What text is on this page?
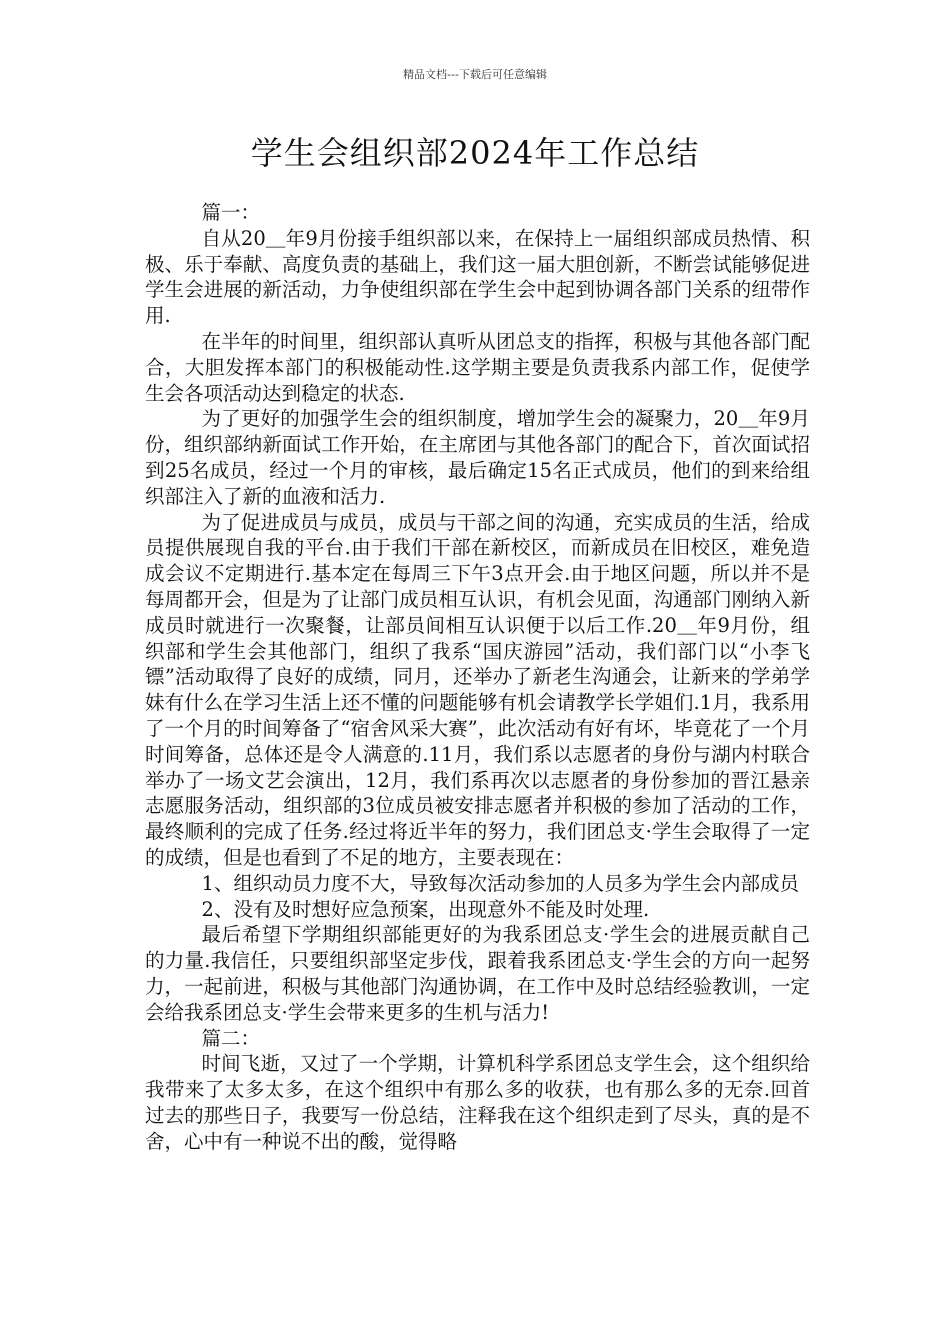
精品文档---下载后可任意编辑
学生会组织部2024年工作总结

篇一：

自从20＿年9月份接手组织部以来，在保持上一届组织部成员热情、积极、乐于奉献、高度负责的基础上，我们这一届大胆创新，不断尝试能够促进学生会进展的新活动，力争使组织部在学生会中起到协调各部门关系的纽带作用.

在半年的时间里，组织部认真听从团总支的指挥，积极与其他各部门配合，大胆发挥本部门的积极能动性.这学期主要是负责我系内部工作，促使学生会各项活动达到稳定的状态.

为了更好的加强学生会的组织制度，增加学生会的凝聚力，20＿年9月份，组织部纳新面试工作开始，在主席团与其他各部门的配合下，首次面试招到25名成员，经过一个月的审核，最后确定15名正式成员，他们的到来给组织部注入了新的血液和活力.

为了促进成员与成员，成员与干部之间的沟通，充实成员的生活，给成员提供展现自我的平台.由于我们干部在新校区，而新成员在旧校区，难免造成会议不定期进行.基本定在每周三下午3点开会.由于地区问题，所以并不是每周都开会，但是为了让部门成员相互认识，有机会见面，沟通部门刚纳入新成员时就进行一次聚餐，让部员间相互认识便于以后工作.20＿年9月份，组织部和学生会其他部门，组织了我系“国庆游园”活动，我们部门以“小李飞镖”活动取得了良好的成绩，同月，还举办了新老生沟通会，让新来的学弟学妹有什么在学习生活上还不懂的问题能够有机会请教学长学姐们.1月，我系用了一个月的时间筹备了“宿舍风采大赛”，此次活动有好有坏，毕竟花了一个月时间筹备，总体还是令人满意的.11月，我们系以志愿者的身份与湖内村联合举办了一场文艺会演出，12月，我们系再次以志愿者的身份参加的晋江悬亲志愿服务活动，组织部的3位成员被安排志愿者并积极的参加了活动的工作，最终顺利的完成了任务.经过将近半年的努力，我们团总支·学生会取得了一定的成绩，但是也看到了不足的地方，主要表现在：

1、组织动员力度不大，导致每次活动参加的人员多为学生会内部成员

2、没有及时想好应急预案，出现意外不能及时处理.

最后希望下学期组织部能更好的为我系团总支·学生会的进展贡献自己的力量.我信任，只要组织部坚定步伐，跟着我系团总支·学生会的方向一起努力，一起前进，积极与其他部门沟通协调，在工作中及时总结经验教训，一定会给我系团总支·学生会带来更多的生机与活力!

篇二：

时间飞逝，又过了一个学期，计算机科学系团总支学生会，这个组织给我带来了太多太多，在这个组织中有那么多的收获，也有那么多的无奈.回首过去的那些日子，我要写一份总结，注释我在这个组织走到了尽头，真的是不舍，心中有一种说不出的酸，觉得略
